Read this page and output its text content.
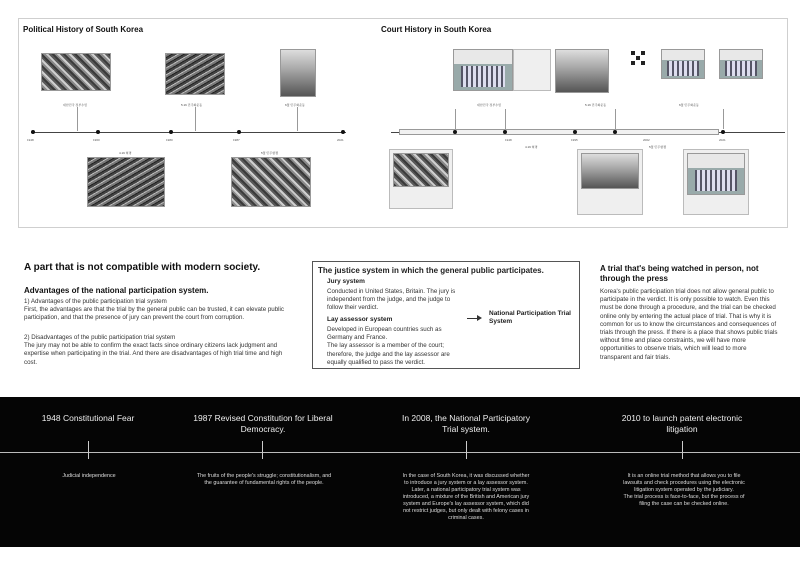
Political History of South Korea
대한민국 정부수립	5.16 민주화운동	6월 민주화운동
1948	1960	1980	1987	2021
4.19 혁명	5월 민주항쟁
Court History in South Korea
대한민국 정부수립	5.16 민주화운동	6월 민주화운동
1948	1995	2002	2021
4.19 혁명	5월 민주항쟁
A part that is not compatible with modern society.
Advantages of the national participation system.
1) Advantages of the public participation trial system
First, the advantages are that the trial by the general public can be trusted, it can elevate public participation, and that the presence of jury can prevent the court from corruption.
2) Disadvantages of the public participation trial system
The jury may not be able to confirm the exact facts since ordinary citizens lack judgment and expertise when participating in the trial. And there are disadvantages of high trial time and high cost.
The justice system in which the general public participates.
Jury system
Conducted in United States, Britain. The jury is independent from the judge, and the judge to follow their verdict.
Lay assessor system
Developed in European countries such as Germany and France.
The lay assessor is a member of the court; therefore, the judge and the lay assessor are equally qualified to pass the verdict.
National Participation Trial System
A trial that's being watched in person, not through the press
Korea's public participation trial does not allow general public to participate in the verdict. It is only possible to watch. Even this must be done through a procedure, and the trial can be checked online only by entering the actual place of trial. That is why it is common for us to know the circumstances and consequences of trials through the press. If there is a place that shows public trials without time and place constraints, we will have more opportunities to observe trials, which will lead to more transparent and fair trials.
1948 Constitutional Fear
Judicial independence
1987 Revised Constitution for Liberal Democracy.
The fruits of the people's struggle; constitutionalism, and the guarantee of fundamental rights of the people.
In 2008, the National Participatory Trial system.
In the case of South Korea, it was discussed whether to introduce a jury system or a lay assessor system. Later, a national participatory trial system was introduced, a mixture of the British and American jury system and Europe's lay assessor system, which did not restrict judges, but only dealt with felony cases in criminal cases.
2010 to launch patent electronic litigation
It is an online trial method that allows you to file lawsuits and check procedures using the electronic litigation system operated by the judiciary.
The trial process is face-to-face, but the process of filing the case can be checked online.
